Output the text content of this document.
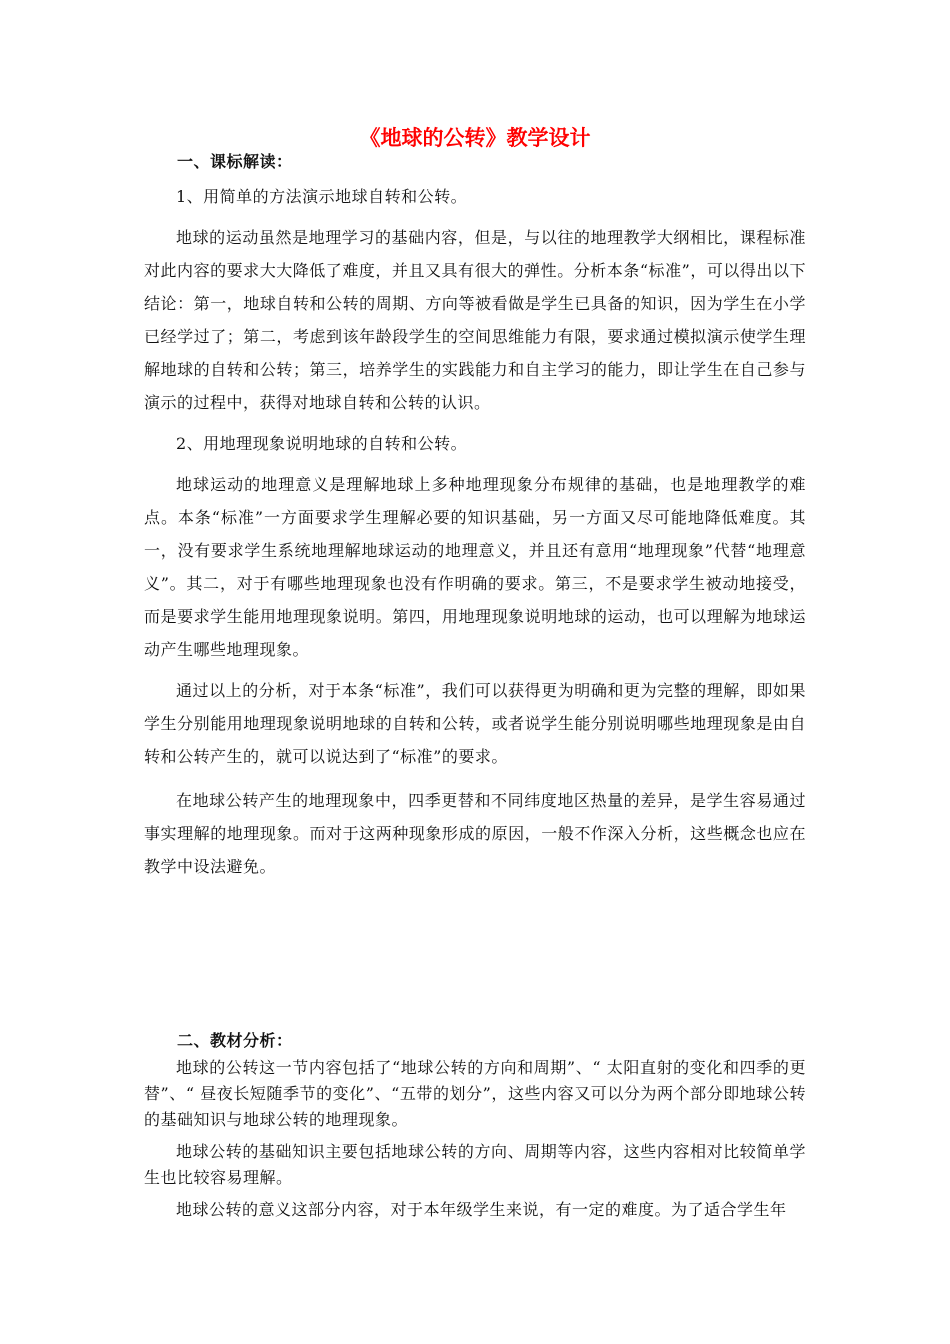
《地球的公转》教学设计
一、课标解读：

1、用简单的方法演示地球自转和公转。

地球的运动虽然是地理学习的基础内容，但是，与以往的地理教学大纲相比，课程标准对此内容的要求大大降低了难度，并且又具有很大的弹性。分析本条“标准”，可以得出以下结论：第一，地球自转和公转的周期、方向等被看做是学生已具备的知识，因为学生在小学已经学过了；第二，考虑到该年龄段学生的空间思维能力有限，要求通过模拟演示使学生理解地球的自转和公转；第三，培养学生的实践能力和自主学习的能力，即让学生在自己参与演示的过程中，获得对地球自转和公转的认识。

2、用地理现象说明地球的自转和公转。

地球运动的地理意义是理解地球上多种地理现象分布规律的基础，也是地理教学的难点。本条“标准”一方面要求学生理解必要的知识基础，另一方面又尽可能地降低难度。其一，没有要求学生系统地理解地球运动的地理意义，并且还有意用“地理现象”代替“地理意义”。其二，对于有哪些地理现象也没有作明确的要求。第三，不是要求学生被动地接受，而是要求学生能用地理现象说明。第四，用地理现象说明地球的运动，也可以理解为地球运动产生哪些地理现象。

通过以上的分析，对于本条“标准”，我们可以获得更为明确和更为完整的理解，即如果学生分别能用地理现象说明地球的自转和公转，或者说学生能分别说明哪些地理现象是由自转和公转产生的，就可以说达到了“标准”的要求。

在地球公转产生的地理现象中，四季更替和不同纬度地区热量的差异，是学生容易通过事实理解的地理现象。而对于这两种现象形成的原因，一般不作深入分析，这些概念也应在教学中设法避免。

二、教材分析：

地球的公转这一节内容包括了“地球公转的方向和周期”、“ 太阳直射的变化和四季的更替”、“ 昼夜长短随季节的变化”、“五带的划分”，这些内容又可以分为两个部分即地球公转的基础知识与地球公转的地理现象。

地球公转的基础知识主要包括地球公转的方向、周期等内容，这些内容相对比较简单学生也比较容易理解。

地球公转的意义这部分内容，对于本年级学生来说，有一定的难度。为了适合学生年
